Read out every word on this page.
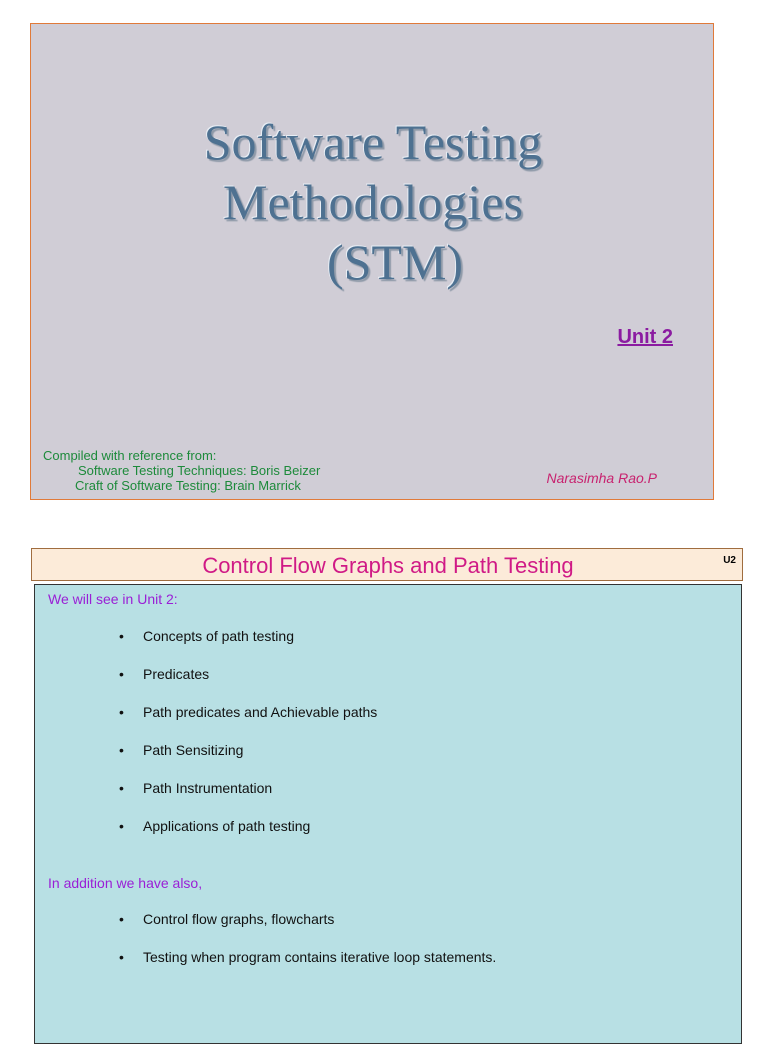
Software Testing
Methodologies
(STM)
Unit 2
Compiled with reference from:
Software Testing Techniques: Boris Beizer
Craft of Software Testing: Brain Marrick	Narasimha Rao.P
Control Flow Graphs and Path Testing	U2
We will see in Unit 2:
• Concepts of path testing
• Predicates
• Path predicates and Achievable paths
• Path Sensitizing
• Path Instrumentation
• Applications of path testing
In addition we have also,
• Control flow graphs, flowcharts
• Testing when program contains iterative loop statements.
